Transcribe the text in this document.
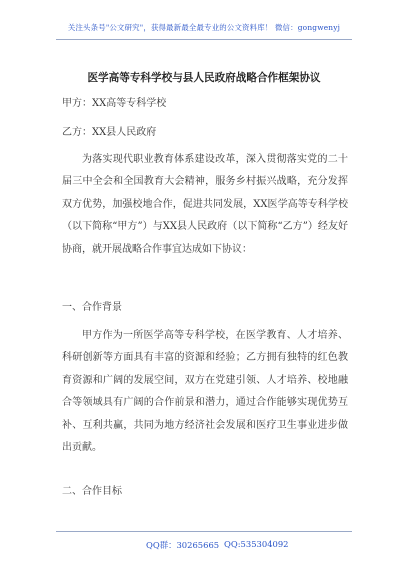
关注头条号"公文研究"，获得最新最全最专业的公文资料库！ 微信：gongwenyj
医学高等专科学校与县人民政府战略合作框架协议
甲方：XX高等专科学校
乙方：XX县人民政府

为落实现代职业教育体系建设改革，深入贯彻落实党的二十届三中全会和全国教育大会精神，服务乡村振兴战略，充分发挥双方优势，加强校地合作，促进共同发展，XX医学高等专科学校（以下简称“甲方”）与XX县人民政府（以下简称“乙方”）经友好协商，就开展战略合作事宜达成如下协议：

一、合作背景

甲方作为一所医学高等专科学校，在医学教育、人才培养、科研创新等方面具有丰富的资源和经验；乙方拥有独特的红色教育资源和广阔的发展空间，双方在党建引领、人才培养、校地融合等领域具有广阔的合作前景和潜力，通过合作能够实现优势互补、互利共赢，共同为地方经济社会发展和医疗卫生事业进步做出贡献。

二、合作目标
QQ群：30265665 QQ:535304092
